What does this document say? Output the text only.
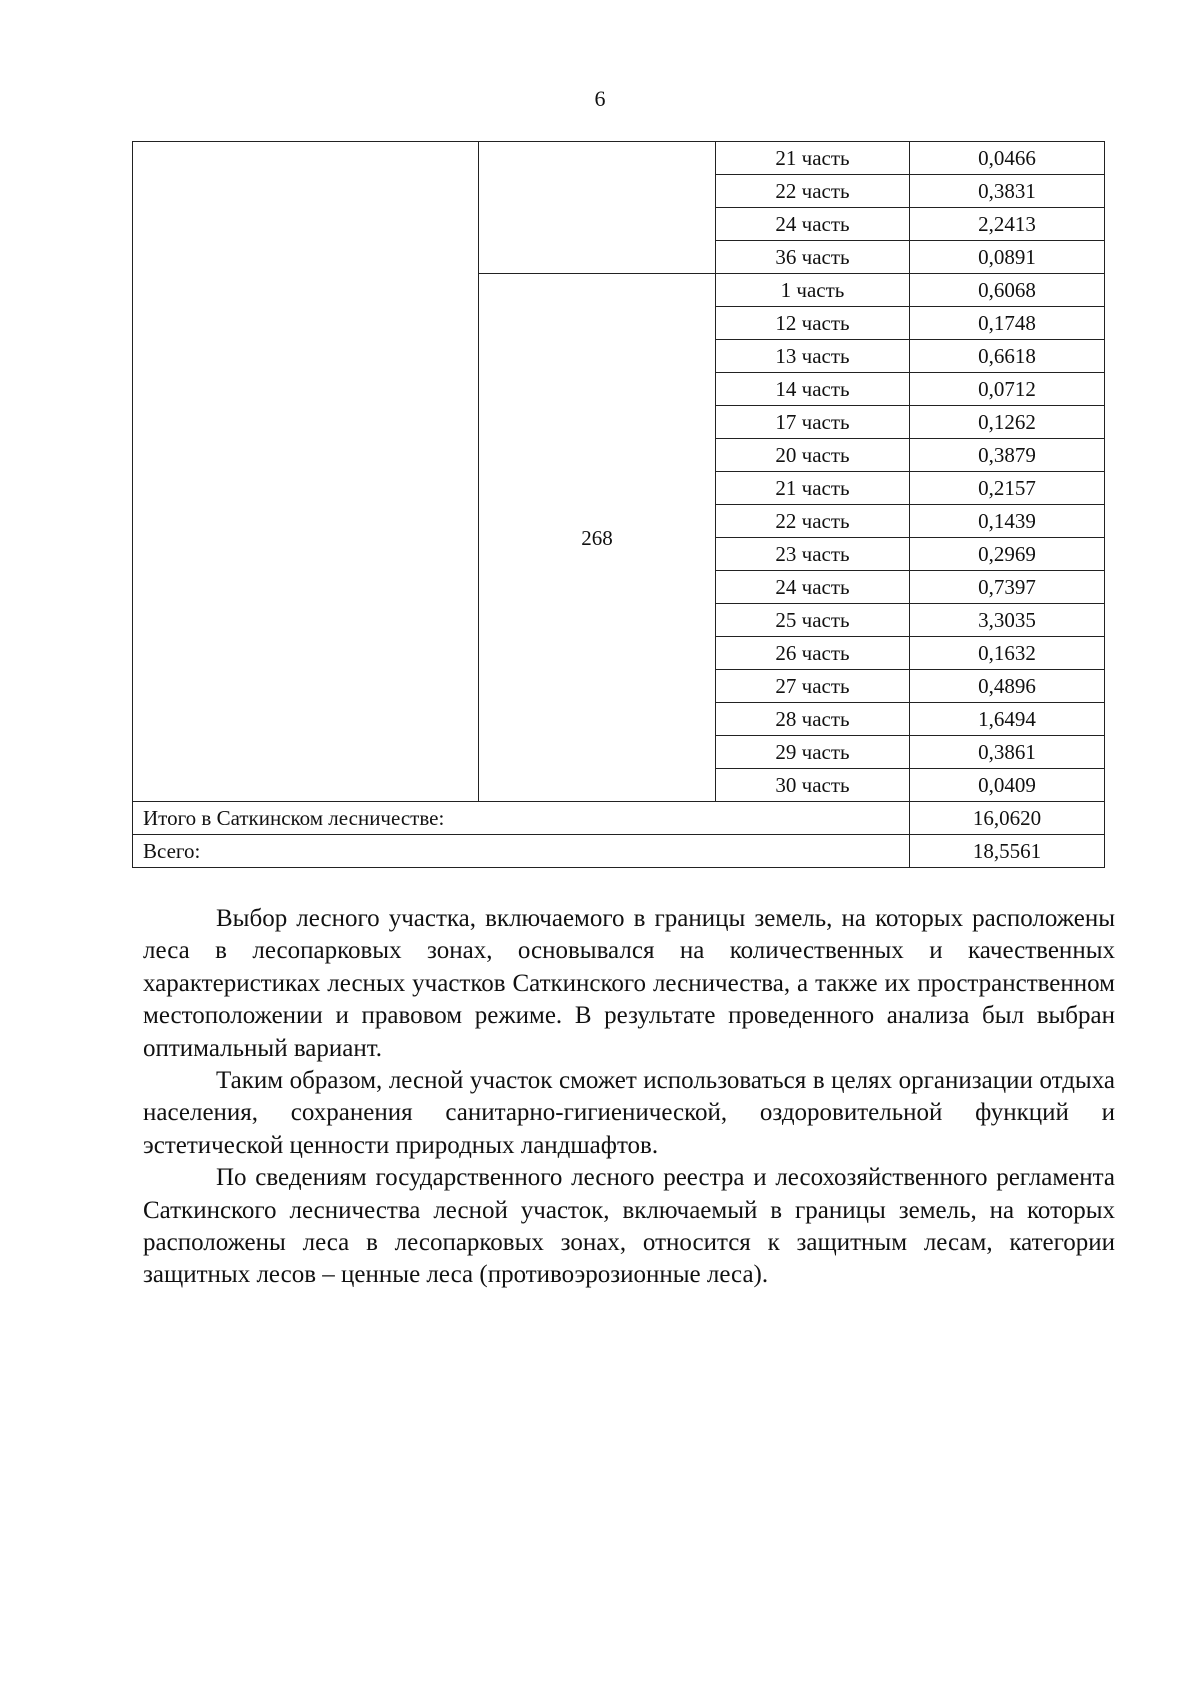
6
		21 часть	0,0466
		22 часть	0,3831
		24 часть	2,2413
		36 часть	0,0891
	268	1 часть	0,6068
		12 часть	0,1748
		13 часть	0,6618
		14 часть	0,0712
		17 часть	0,1262
		20 часть	0,3879
		21 часть	0,2157
		22 часть	0,1439
		23 часть	0,2969
		24 часть	0,7397
		25 часть	3,3035
		26 часть	0,1632
		27 часть	0,4896
		28 часть	1,6494
		29 часть	0,3861
		30 часть	0,0409
Итого в Саткинском лесничестве:			16,0620
Всего:			18,5561

Выбор лесного участка, включаемого в границы земель, на которых расположены леса в лесопарковых зонах, основывался на количественных и качественных характеристиках лесных участков Саткинского лесничества, а также их пространственном местоположении и правовом режиме. В результате проведенного анализа был выбран оптимальный вариант.

Таким образом, лесной участок сможет использоваться в целях организации отдыха населения, сохранения санитарно-гигиенической, оздоровительной функций и эстетической ценности природных ландшафтов.

По сведениям государственного лесного реестра и лесохозяйственного регламента Саткинского лесничества лесной участок, включаемый в границы земель, на которых расположены леса в лесопарковых зонах, относится к защитным лесам, категории защитных лесов – ценные леса (противоэрозионные леса).
